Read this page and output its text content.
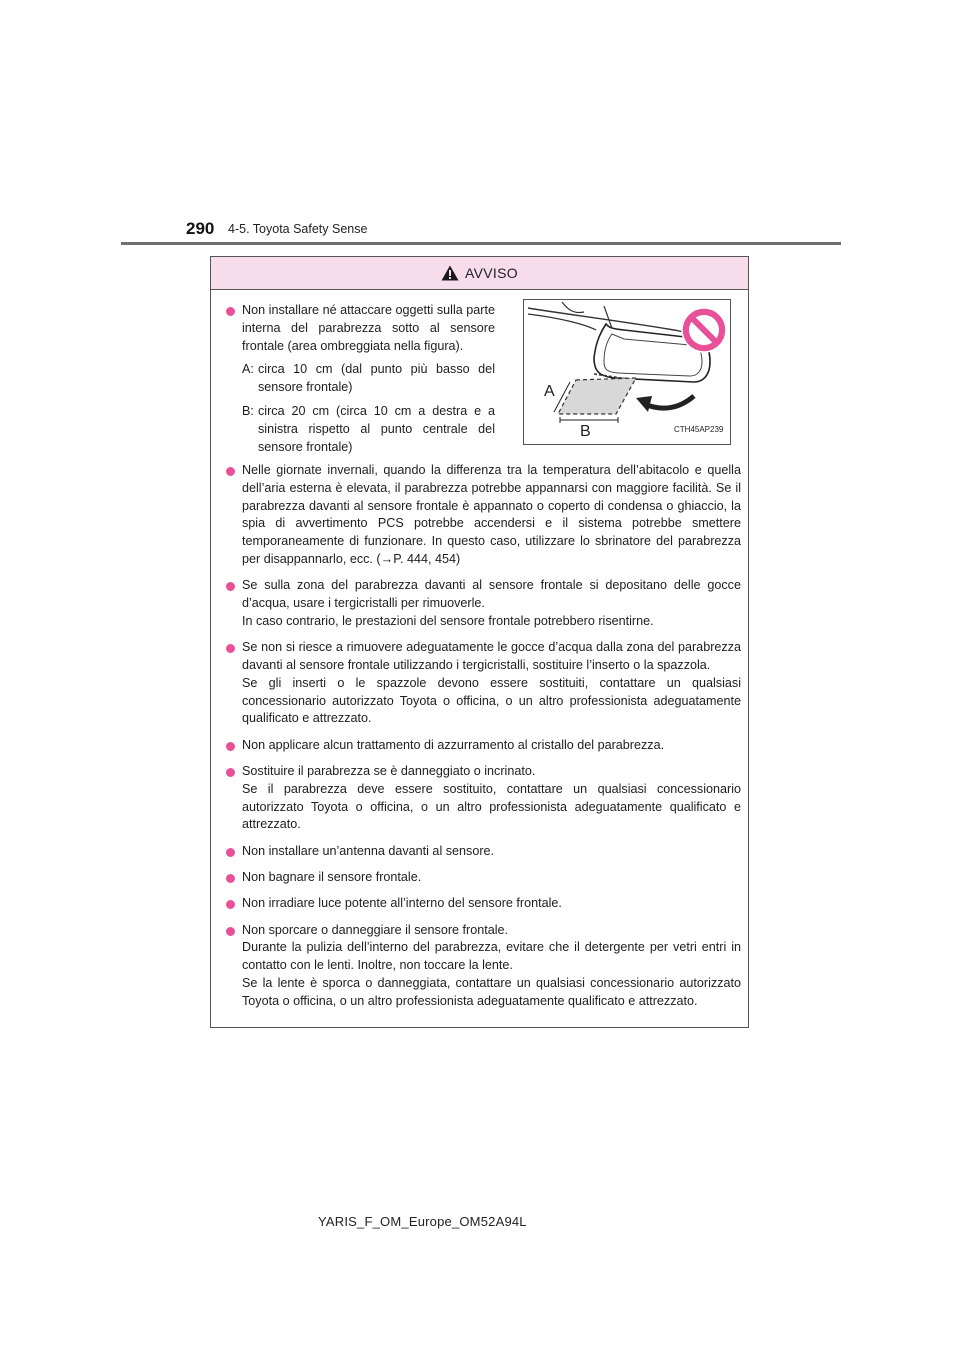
290 4-5. Toyota Safety Sense
AVVISO

Non installare né attaccare oggetti sulla parte interna del parabrezza sotto al sensore frontale (area ombreggiata nella figura).

A: circa 10 cm (dal punto più basso del sensore frontale)
B: circa 20 cm (circa 10 cm a destra e a sinistra rispetto al punto centrale del sensore frontale)

Nelle giornate invernali, quando la differenza tra la temperatura dell’abitacolo e quella dell’aria esterna è elevata, il parabrezza potrebbe appannarsi con maggiore facilità. Se il parabrezza davanti al sensore frontale è appannato o coperto di condensa o ghiaccio, la spia di avvertimento PCS potrebbe accendersi e il sistema potrebbe smettere temporaneamente di funzionare. In questo caso, utilizzare lo sbrinatore del parabrezza per disappannarlo, ecc. (→P. 444, 454)

Se sulla zona del parabrezza davanti al sensore frontale si depositano delle gocce d’acqua, usare i tergicristalli per rimuoverle.

In caso contrario, le prestazioni del sensore frontale potrebbero risentirne.

Se non si riesce a rimuovere adeguatamente le gocce d’acqua dalla zona del parabrezza davanti al sensore frontale utilizzando i tergicristalli, sostituire l’inserto o la spazzola.

Se gli inserti o le spazzole devono essere sostituiti, contattare un qualsiasi concessionario autorizzato Toyota o officina, o un altro professionista adeguatamente qualificato e attrezzato.

Non applicare alcun trattamento di azzurramento al cristallo del parabrezza.

Sostituire il parabrezza se è danneggiato o incrinato.

Se il parabrezza deve essere sostituito, contattare un qualsiasi concessionario autorizzato Toyota o officina, o un altro professionista adeguatamente qualificato e attrezzato.

Non installare un’antenna davanti al sensore.

Non bagnare il sensore frontale.

Non irradiare luce potente all’interno del sensore frontale.

Non sporcare o danneggiare il sensore frontale.

Durante la pulizia dell’interno del parabrezza, evitare che il detergente per vetri entri in contatto con le lenti. Inoltre, non toccare la lente.

Se la lente è sporca o danneggiata, contattare un qualsiasi concessionario autorizzato Toyota o officina, o un altro professionista adeguatamente qualificato e attrezzato.

A
B	CTH45AP239
YARIS_F_OM_Europe_OM52A94L
